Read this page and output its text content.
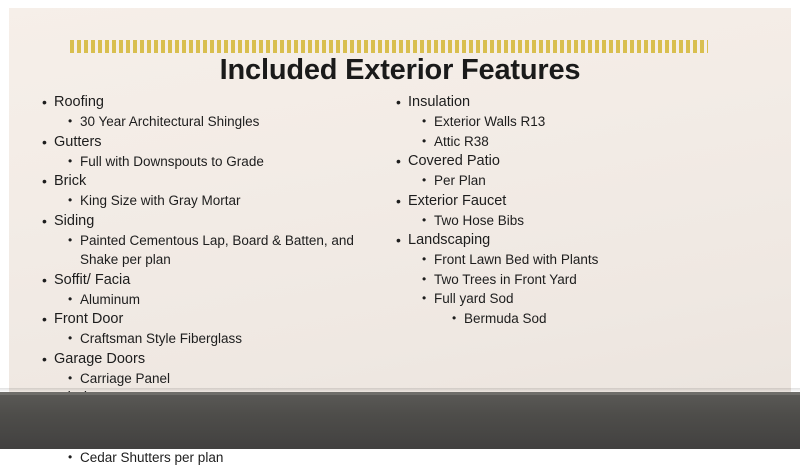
Included Exterior Features
• Roofing
• 30 Year Architectural Shingles
• Gutters
• Full with Downspouts to Grade
• Brick
• King Size with Gray Mortar
• Siding
• Painted Cementous Lap, Board & Batten, and Shake per plan
• Soffit/ Facia
• Aluminum
• Front Door
• Craftsman Style Fiberglass
• Garage Doors
• Carriage Panel
• Cedar Shutters per plan
• Insulation
• Exterior Walls R13
• Attic R38
• Covered Patio
• Per Plan
• Exterior Faucet
• Two Hose Bibs
• Landscaping
• Front Lawn Bed with Plants
• Two Trees in Front Yard
• Full yard Sod
• Bermuda Sod
